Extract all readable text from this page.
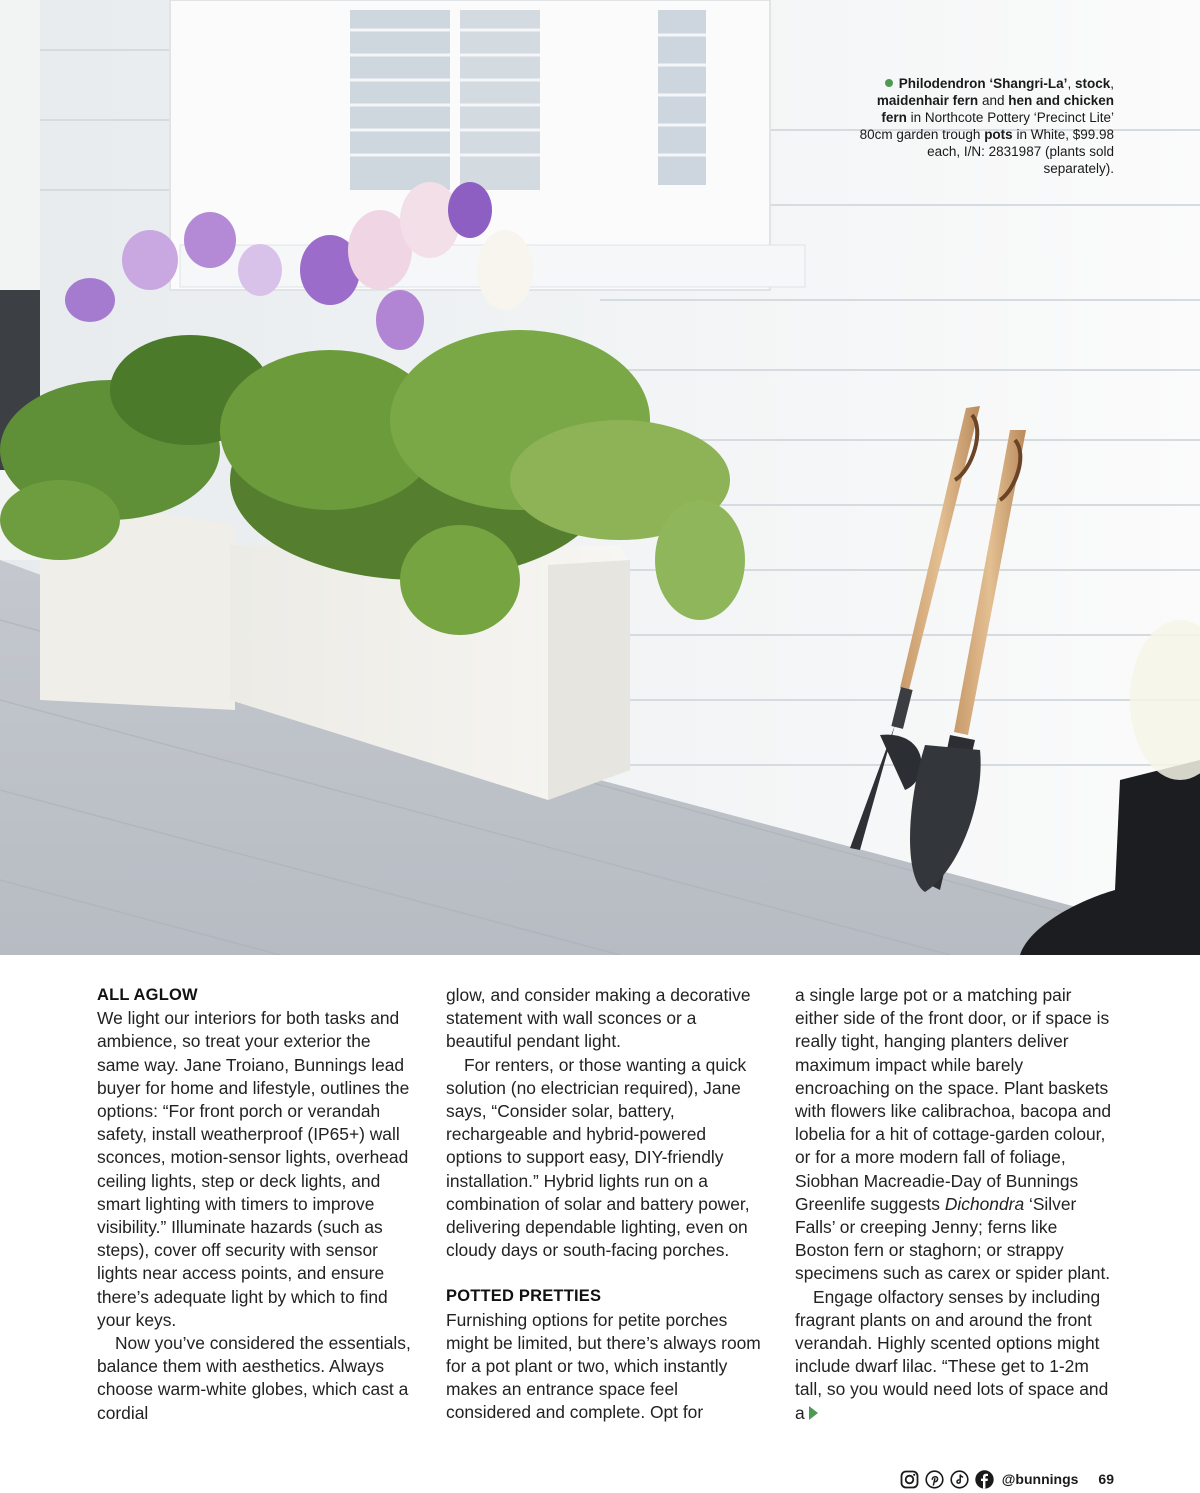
Philodendron ‘Shangri-La’, stock, maidenhair fern and hen and chicken fern in Northcote Pottery ‘Precinct Lite’ 80cm garden trough pots in White, $99.98 each, I/N: 2831987 (plants sold separately).
ALL AGLOW

We light our interiors for both tasks and ambience, so treat your exterior the same way. Jane Troiano, Bunnings lead buyer for home and lifestyle, outlines the options: “For front porch or verandah safety, install weatherproof (IP65+) wall sconces, motion-sensor lights, overhead ceiling lights, step or deck lights, and smart lighting with timers to improve visibility.” Illuminate hazards (such as steps), cover off security with sensor lights near access points, and ensure there’s adequate light by which to find your keys.

Now you’ve considered the essentials, balance them with aesthetics. Always choose warm-white globes, which cast a cordial

glow, and consider making a decorative statement with wall sconces or a beautiful pendant light.

For renters, or those wanting a quick solution (no electrician required), Jane says, “Consider solar, battery, rechargeable and hybrid-powered options to support easy, DIY-friendly installation.” Hybrid lights run on a combination of solar and battery power, delivering dependable lighting, even on cloudy days or south-facing porches.

POTTED PRETTIES

Furnishing options for petite porches might be limited, but there’s always room for a pot plant or two, which instantly makes an entrance space feel considered and complete. Opt for

a single large pot or a matching pair either side of the front door, or if space is really tight, hanging planters deliver maximum impact while barely encroaching on the space. Plant baskets with flowers like calibrachoa, bacopa and lobelia for a hit of cottage-garden colour, or for a more modern fall of foliage, Siobhan Macreadie-Day of Bunnings Greenlife suggests Dichondra ‘Silver Falls’ or creeping Jenny; ferns like Boston fern or staghorn; or strappy specimens such as carex or spider plant.

Engage olfactory senses by including fragrant plants on and around the front verandah. Highly scented options might include dwarf lilac. “These get to 1-2m tall, so you would need lots of space and a

@bunnings 69
